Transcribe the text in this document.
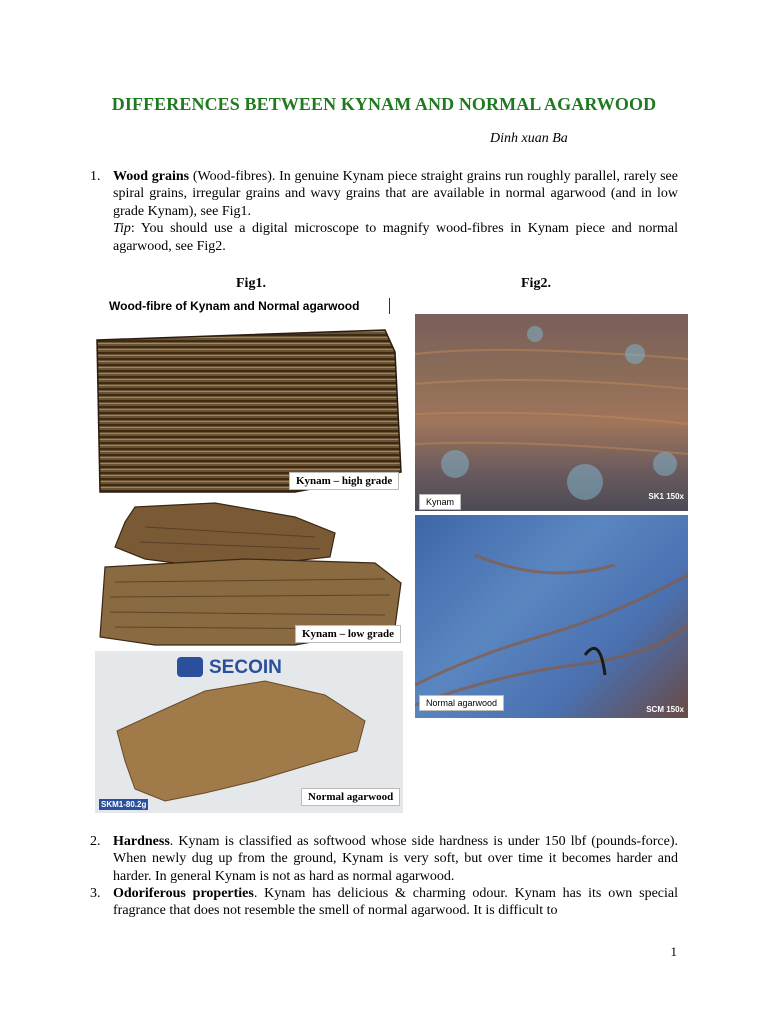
DIFFERENCES BETWEEN KYNAM AND NORMAL AGARWOOD
Dinh xuan Ba
1. Wood grains (Wood-fibres). In genuine Kynam piece straight grains run roughly parallel, rarely see spiral grains, irregular grains and wavy grains that are available in normal agarwood (and in low grade Kynam), see Fig1.
Tip: You should use a digital microscope to magnify wood-fibres in Kynam piece and normal agarwood, see Fig2.
Fig1.	Fig2.
Wood-fibre of Kynam and Normal agarwood
Kynam – high grade
Kynam – low grade
SECOIN
SKM1-80.2g
Normal agarwood
Kynam
SK1 150x
Normal agarwood
SCM 150x
2. Hardness. Kynam is classified as softwood whose side hardness is under 150 lbf (pounds-force). When newly dug up from the ground, Kynam is very soft, but over time it becomes harder and harder. In general Kynam is not as hard as normal agarwood.
3. Odoriferous properties. Kynam has delicious & charming odour. Kynam has its own special fragrance that does not resemble the smell of normal agarwood. It is difficult to
1
